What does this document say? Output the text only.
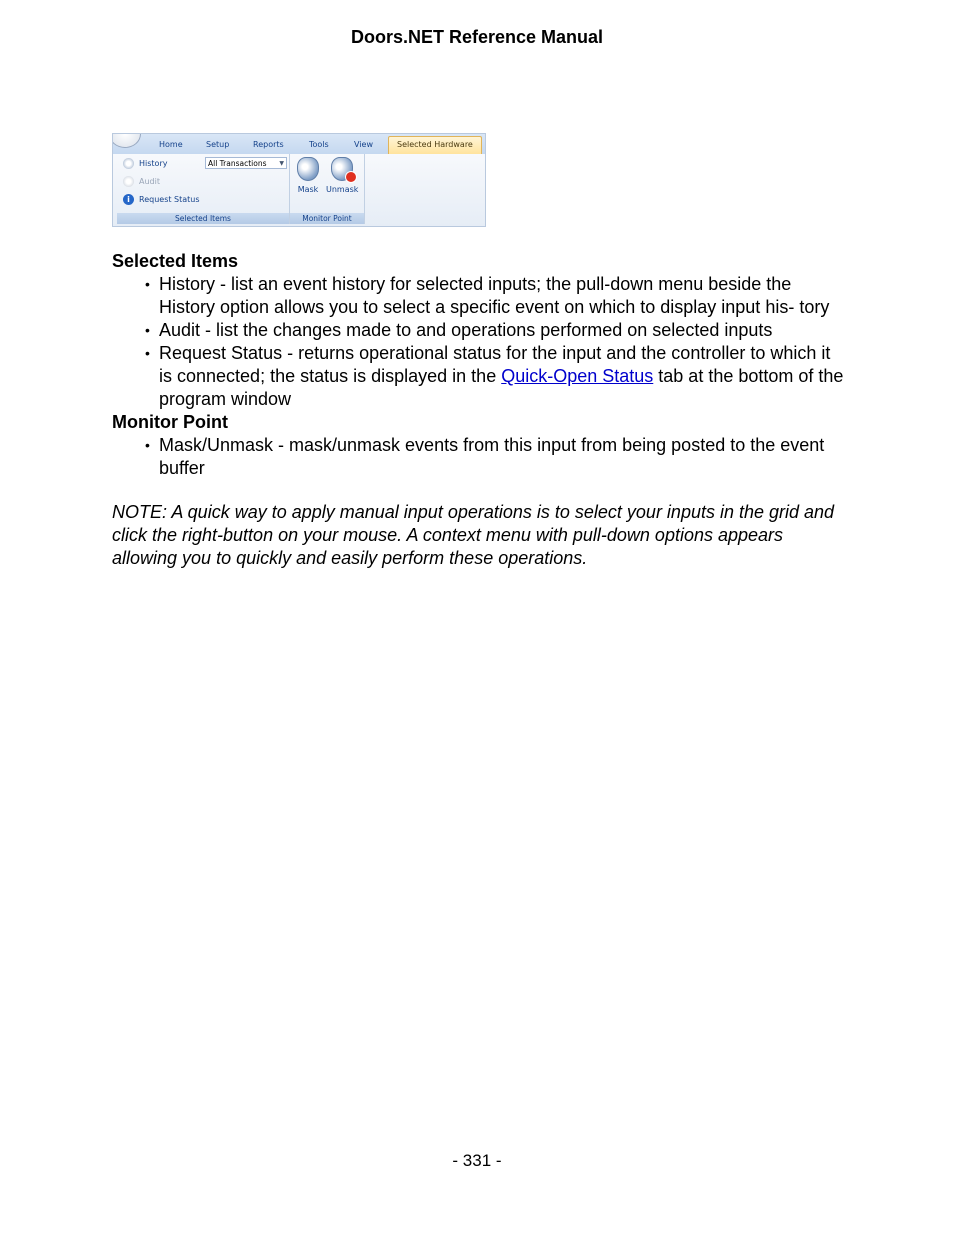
Doors.NET Reference Manual
Home	Setup	Reports	Tools	View	Selected Hardware
History	All Transactions ▼
Audit
i	Request Status
Selected Items
Mask Unmask
Monitor Point
Selected Items
• History - list an event history for selected inputs; the pull-down menu beside the History option allows you to select a specific event on which to display input his- tory
• Audit - list the changes made to and operations performed on selected inputs
• Request Status - returns operational status for the input and the controller to which it is connected; the status is displayed in the Quick-Open Status tab at the bottom of the program window
Monitor Point
• Mask/Unmask - mask/unmask events from this input from being posted to the event buffer

NOTE: A quick way to apply manual input operations is to select your inputs in the grid and click the right-button on your mouse. A context menu with pull-down options appears allowing you to quickly and easily perform these operations.

- 331 -
